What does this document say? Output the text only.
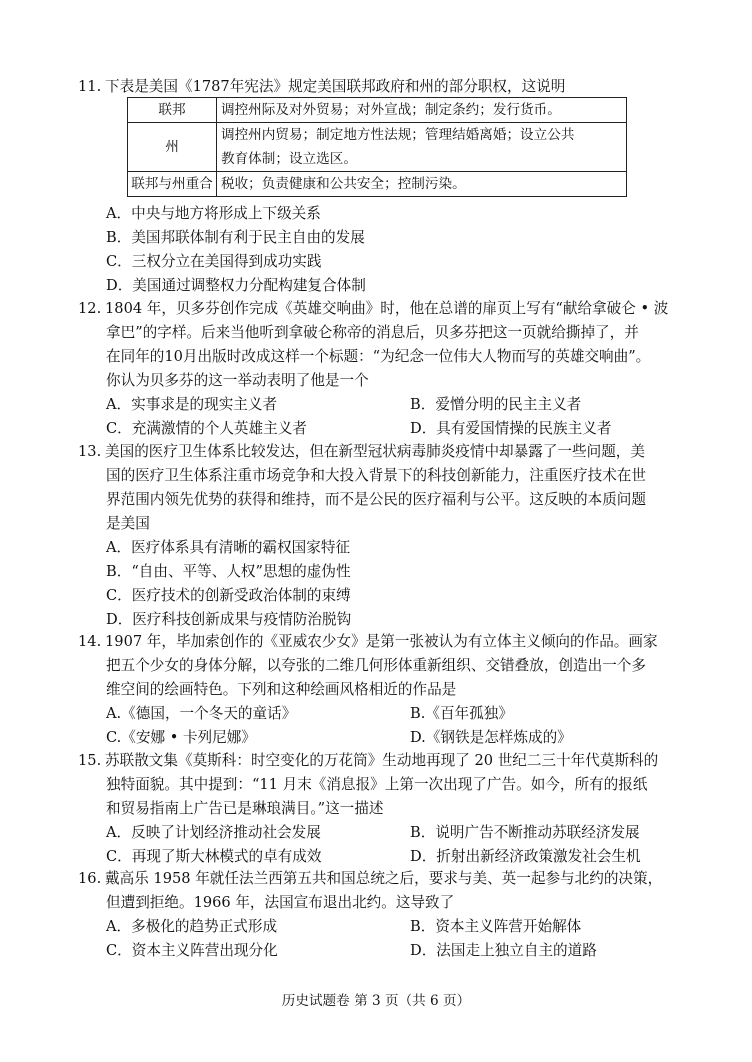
11. 下表是美国《1787年宪法》规定美国联邦政府和州的部分职权，这说明
联邦	调控州际及对外贸易；对外宣战；制定条约；发行货币。
州	调控州内贸易；制定地方性法规；管理结婚离婚；设立公共
教育体制；设立选区。

联邦与州重合	税收；负责健康和公共安全；控制污染。
A．中央与地方将形成上下级关系
B．美国邦联体制有利于民主自由的发展
C．三权分立在美国得到成功实践
D．美国通过调整权力分配构建复合体制
12. 1804 年，贝多芬创作完成《英雄交响曲》时，他在总谱的扉页上写有“献给拿破仑 • 波
拿巴”的字样。后来当他听到拿破仑称帝的消息后，贝多芬把这一页就给撕掉了，并
在同年的10月出版时改成这样一个标题：“为纪念一位伟大人物而写的英雄交响曲”。
你认为贝多芬的这一举动表明了他是一个
A．实事求是的现实主义者	B．爱憎分明的民主主义者
C．充满激情的个人英雄主义者	D．具有爱国情操的民族主义者
13. 美国的医疗卫生体系比较发达，但在新型冠状病毒肺炎疫情中却暴露了一些问题，美
国的医疗卫生体系注重市场竞争和大投入背景下的科技创新能力，注重医疗技术在世
界范围内领先优势的获得和维持，而不是公民的医疗福利与公平。这反映的本质问题
是美国
A．医疗体系具有清晰的霸权国家特征
B．“自由、平等、人权”思想的虚伪性
C．医疗技术的创新受政治体制的束缚
D．医疗科技创新成果与疫情防治脱钩
14. 1907 年，毕加索创作的《亚威农少女》是第一张被认为有立体主义倾向的作品。画家
把五个少女的身体分解，以夸张的二维几何形体重新组织、交错叠放，创造出一个多
维空间的绘画特色。下列和这种绘画风格相近的作品是
A.《德国，一个冬天的童话》	B.《百年孤独》
C.《安娜 • 卡列尼娜》	D.《钢铁是怎样炼成的》
15. 苏联散文集《莫斯科：时空变化的万花筒》生动地再现了 20 世纪二三十年代莫斯科的
独特面貌。其中提到：“11 月末《消息报》上第一次出现了广告。如今，所有的报纸
和贸易指南上广告已是琳琅满目。”这一描述
A．反映了计划经济推动社会发展	B．说明广告不断推动苏联经济发展
C．再现了斯大林模式的卓有成效	D．折射出新经济政策激发社会生机
16. 戴高乐 1958 年就任法兰西第五共和国总统之后，要求与美、英一起参与北约的决策，
但遭到拒绝。1966 年，法国宣布退出北约。这导致了
A．多极化的趋势正式形成	B．资本主义阵营开始解体
C．资本主义阵营出现分化	D．法国走上独立自主的道路
历史试题卷 第 3 页（共 6 页）
